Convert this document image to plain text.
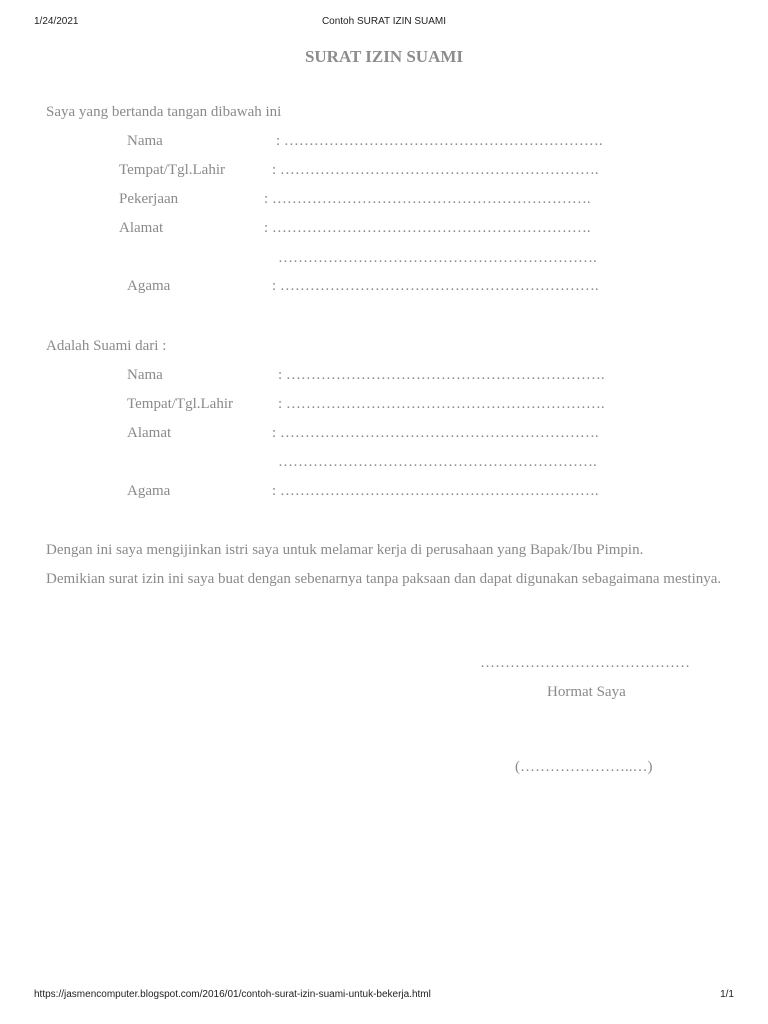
1/24/2021	Contoh SURAT IZIN SUAMI
SURAT IZIN SUAMI
Saya yang bertanda tangan dibawah ini
Nama	: ……………………………………………………….
Tempat/Tgl.Lahir	: ……………………………………………………….
Pekerjaan	: ……………………………………………………….
Alamat	: ……………………………………………………….
……………………………………………………….
Agama	: ……………………………………………………….
Adalah Suami dari :
Nama	: ……………………………………………………….
Tempat/Tgl.Lahir	: ……………………………………………………….
Alamat	: ……………………………………………………….
……………………………………………………….
Agama	: ……………………………………………………….
Dengan ini saya mengijinkan istri saya untuk melamar kerja di perusahaan yang Bapak/Ibu Pimpin.
Demikian surat izin ini saya buat dengan sebenarnya tanpa paksaan dan dapat digunakan sebagaimana mestinya.
……………………………………
Hormat Saya
(…………………..…)
https://jasmencomputer.blogspot.com/2016/01/contoh-surat-izin-suami-untuk-bekerja.html	1/1
